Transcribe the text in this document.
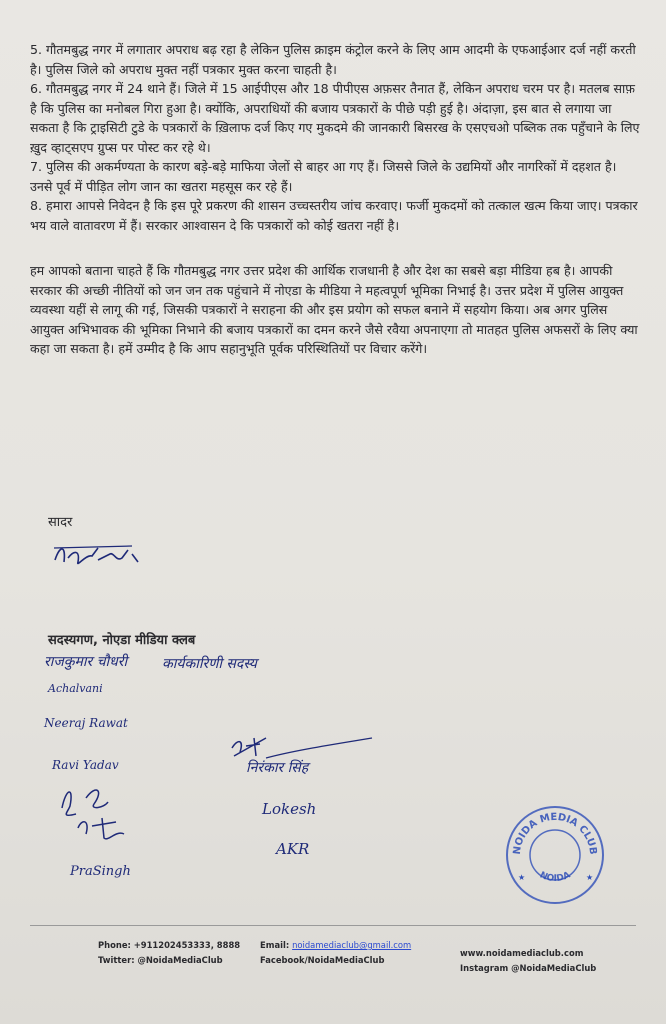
5. गौतमबुद्ध नगर में लगातार अपराध बढ़ रहा है लेकिन पुलिस क्राइम कंट्रोल करने के लिए आम आदमी के एफआईआर दर्ज नहीं करती है। पुलिस जिले को अपराध मुक्त नहीं पत्रकार मुक्त करना चाहती है।

6. गौतमबुद्ध नगर में 24 थाने हैं। जिले में 15 आईपीएस और 18 पीपीएस अफ़सर तैनात हैं, लेकिन अपराध चरम पर है। मतलब साफ़ है कि पुलिस का मनोबल गिरा हुआ है। क्योंकि, अपराधियों की बजाय पत्रकारों के पीछे पड़ी हुई है। अंदाज़ा, इस बात से लगाया जा सकता है कि ट्राइसिटी टुडे के पत्रकारों के ख़िलाफ दर्ज किए गए मुकदमे की जानकारी बिसरख के एसएचओ पब्लिक तक पहुँचाने के लिए ख़ुद व्हाट्सएप ग्रुप्स पर पोस्ट कर रहे थे।

7. पुलिस की अकर्मण्यता के कारण बड़े-बड़े माफिया जेलों से बाहर आ गए हैं। जिससे जिले के उद्यमियों और नागरिकों में दहशत है। उनसे पूर्व में पीड़ित लोग जान का खतरा महसूस कर रहे हैं।

8. हमारा आपसे निवेदन है कि इस पूरे प्रकरण की शासन उच्चस्तरीय जांच करवाए। फर्जी मुकदमों को तत्काल खत्म किया जाए। पत्रकार भय वाले वातावरण में हैं। सरकार आश्वासन दे कि पत्रकारों को कोई खतरा नहीं है।

हम आपको बताना चाहते हैं कि गौतमबुद्ध नगर उत्तर प्रदेश की आर्थिक राजधानी है और देश का सबसे बड़ा मीडिया हब है। आपकी सरकार की अच्छी नीतियों को जन जन तक पहुंचाने में नोएडा के मीडिया ने महत्वपूर्ण भूमिका निभाई है। उत्तर प्रदेश में पुलिस आयुक्त व्यवस्था यहीं से लागू की गई, जिसकी पत्रकारों ने सराहना की और इस प्रयोग को सफल बनाने में सहयोग किया। अब अगर पुलिस आयुक्त अभिभावक की भूमिका निभाने की बजाय पत्रकारों का दमन करने जैसे रवैया अपनाएगा तो मातहत पुलिस अफसरों के लिए क्या कहा जा सकता है। हमें उम्मीद है कि आप सहानुभूति पूर्वक परिस्थितियों पर विचार करेंगे।

सादर
सदस्यगण, नोएडा मीडिया क्लब
राजकुमार चौधरी कार्यकारिणी सदस्य
Achalvani
Neeraj Rawat
Ravi Yadav
PraSingh
निरंकार सिंह
Lokesh
AKR	NOIDA MEDIA CLUB
NOIDA
★	★
Phone: +911202453333, 8888
Twitter: @NoidaMediaClub
Email: noidamediaclub@gmail.com
Facebook/NoidaMediaClub
www.noidamediaclub.com
Instagram @NoidaMediaClub
